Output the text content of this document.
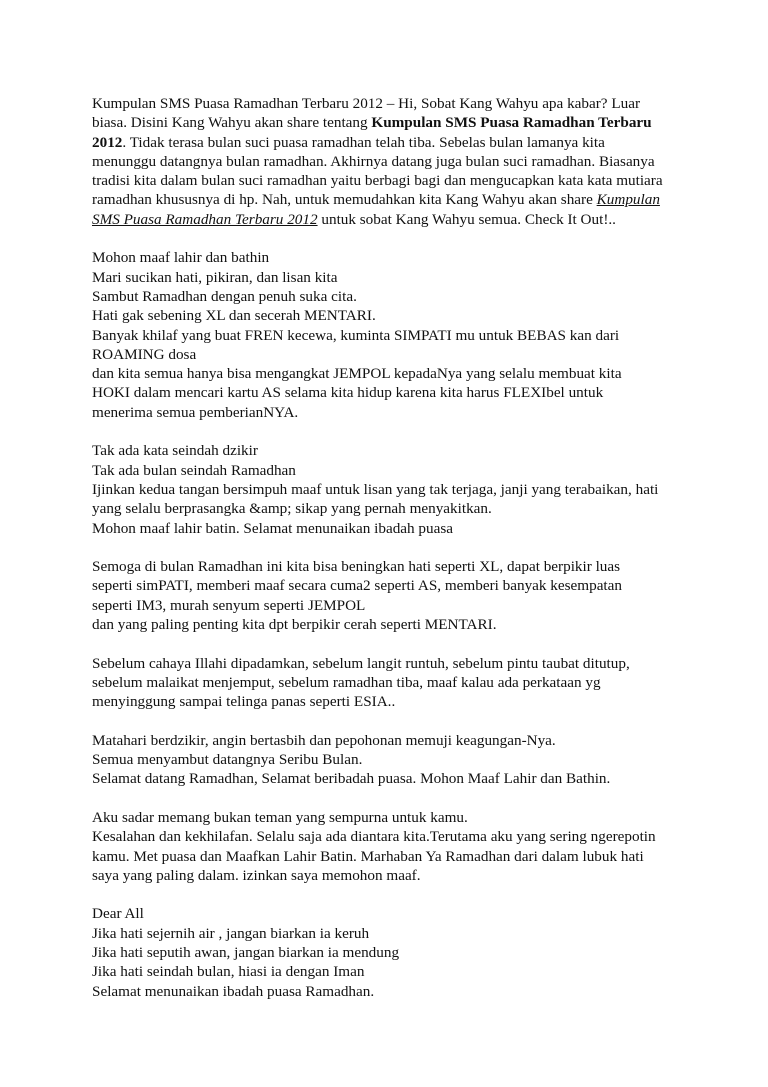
Kumpulan SMS Puasa Ramadhan Terbaru 2012 – Hi, Sobat Kang Wahyu apa kabar? Luar
biasa. Disini Kang Wahyu akan share tentang Kumpulan SMS Puasa Ramadhan Terbaru
2012. Tidak terasa bulan suci puasa ramadhan telah tiba. Sebelas bulan lamanya kita
menunggu datangnya bulan ramadhan. Akhirnya datang juga bulan suci ramadhan. Biasanya
tradisi kita dalam bulan suci ramadhan yaitu berbagi bagi dan mengucapkan kata kata mutiara
ramadhan khususnya di hp. Nah, untuk memudahkan kita Kang Wahyu akan share Kumpulan
SMS Puasa Ramadhan Terbaru 2012 untuk sobat Kang Wahyu semua. Check It Out!..
Mohon maaf lahir dan bathin
Mari sucikan hati, pikiran, dan lisan kita
Sambut Ramadhan dengan penuh suka cita.
Hati gak sebening XL dan secerah MENTARI.
Banyak khilaf yang buat FREN kecewa, kuminta SIMPATI mu untuk BEBAS kan dari
ROAMING dosa
dan kita semua hanya bisa mengangkat JEMPOL kepadaNya yang selalu membuat kita
HOKI dalam mencari kartu AS selama kita hidup karena kita harus FLEXIbel untuk
menerima semua pemberianNYA.
Tak ada kata seindah dzikir
Tak ada bulan seindah Ramadhan
Ijinkan kedua tangan bersimpuh maaf untuk lisan yang tak terjaga, janji yang terabaikan, hati
yang selalu berprasangka &amp; sikap yang pernah menyakitkan.
Mohon maaf lahir batin. Selamat menunaikan ibadah puasa
Semoga di bulan Ramadhan ini kita bisa beningkan hati seperti XL, dapat berpikir luas
seperti simPATI, memberi maaf secara cuma2 seperti AS, memberi banyak kesempatan
seperti IM3, murah senyum seperti JEMPOL
dan yang paling penting kita dpt berpikir cerah seperti MENTARI.
Sebelum cahaya Illahi dipadamkan, sebelum langit runtuh, sebelum pintu taubat ditutup,
sebelum malaikat menjemput, sebelum ramadhan tiba, maaf kalau ada perkataan yg
menyinggung sampai telinga panas seperti ESIA..
Matahari berdzikir, angin bertasbih dan pepohonan memuji keagungan-Nya.
Semua menyambut datangnya Seribu Bulan.
Selamat datang Ramadhan, Selamat beribadah puasa. Mohon Maaf Lahir dan Bathin.
Aku sadar memang bukan teman yang sempurna untuk kamu.
Kesalahan dan kekhilafan. Selalu saja ada diantara kita.Terutama aku yang sering ngerepotin
kamu. Met puasa dan Maafkan Lahir Batin. Marhaban Ya Ramadhan dari dalam lubuk hati
saya yang paling dalam. izinkan saya memohon maaf.
Dear All
Jika hati sejernih air , jangan biarkan ia keruh
Jika hati seputih awan, jangan biarkan ia mendung
Jika hati seindah bulan, hiasi ia dengan Iman
Selamat menunaikan ibadah puasa Ramadhan.
